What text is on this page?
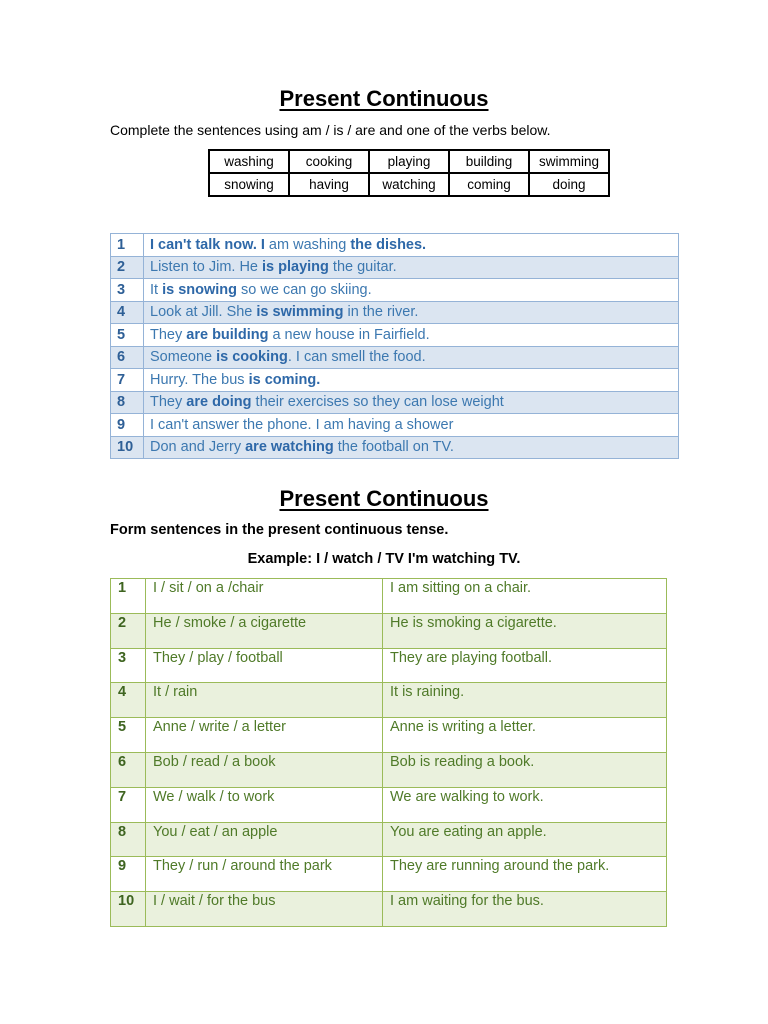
Present Continuous

Complete the sentences using am / is / are and one of the verbs below.

washing	cooking	playing	building	swimming
snowing	having	watching	coming	doing
1	I can't talk now. I am washing the dishes.
2	Listen to Jim. He is playing the guitar.
3	It is snowing so we can go skiing.
4	Look at Jill. She is swimming in the river.
5	They are building a new house in Fairfield.
6	Someone is cooking. I can smell the food.
7	Hurry. The bus is coming.
8	They are doing their exercises so they can lose weight
9	I can't answer the phone. I am having a shower
10	Don and Jerry are watching the football on TV.
Present Continuous

Form sentences in the present continuous tense.

Example: I / watch / TV I'm watching TV.

1	I / sit / on a /chair	I am sitting on a chair.
2	He / smoke / a cigarette	He is smoking a cigarette.
3	They / play / football	They are playing football.
4	It / rain	It is raining.
5	Anne / write / a letter	Anne is writing a letter.
6	Bob / read / a book	Bob is reading a book.
7	We / walk / to work	We are walking to work.
8	You / eat / an apple	You are eating an apple.
9	They / run / around the park	They are running around the park.
10	I / wait / for the bus	I am waiting for the bus.
